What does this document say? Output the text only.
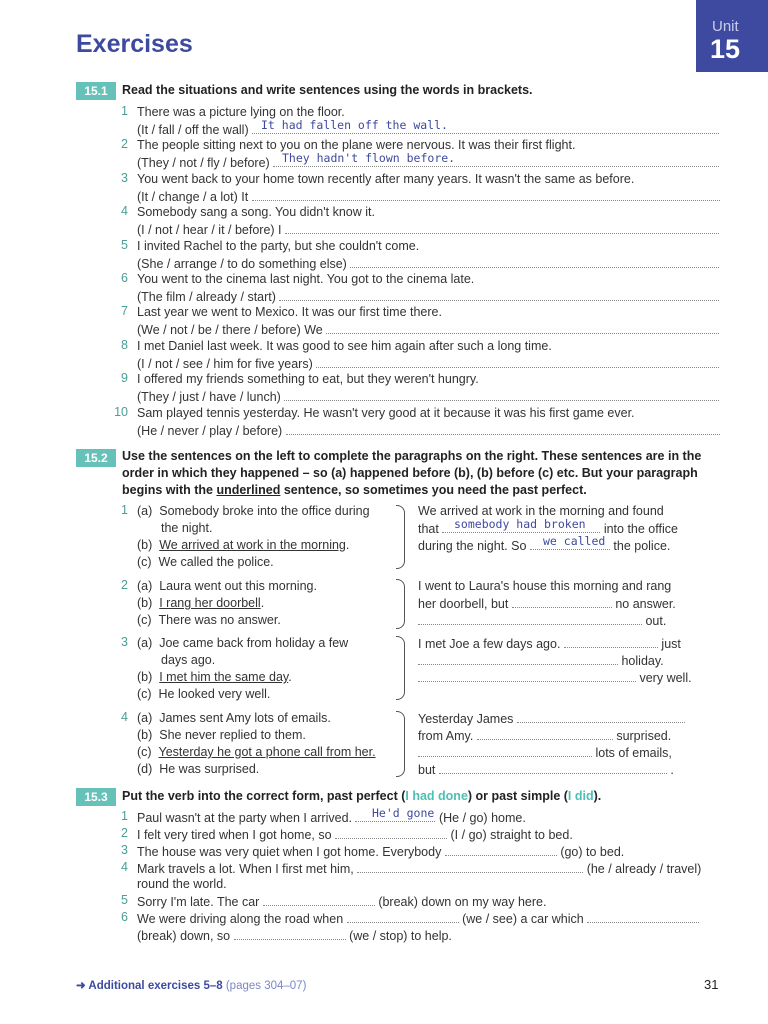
Exercises
Unit
15
15.1	Read the situations and write sentences using the words in brackets.
1 There was a picture lying on the floor.
(It / fall / off the wall)	It had fallen off the wall.
2 The people sitting next to you on the plane were nervous. It was their first flight.
(They / not / fly / before)	They hadn't flown before.
3 You went back to your home town recently after many years. It wasn't the same as before.
(It / change / a lot) It
4 Somebody sang a song. You didn't know it.
(I / not / hear / it / before) I
5 I invited Rachel to the party, but she couldn't come.
(She / arrange / to do something else)
6 You went to the cinema last night. You got to the cinema late.
(The film / already / start)
7 Last year we went to Mexico. It was our first time there.
(We / not / be / there / before) We
8 I met Daniel last week. It was good to see him again after such a long time.
(I / not / see / him for five years)
9 I offered my friends something to eat, but they weren't hungry.
(They / just / have / lunch)
10 Sam played tennis yesterday. He wasn't very good at it because it was his first game ever.
(He / never / play / before)
15.2	Use the sentences on the left to complete the paragraphs on the right. These sentences are in the
order in which they happened – so (a) happened before (b), (b) before (c) etc. But your paragraph
begins with the underlined sentence, so sometimes you need the past perfect.
1 (a) Somebody broke into the office during
the night.
(b) We arrived at work in the morning.
(c) We called the police.
We arrived at work in the morning and found
that	into the office
somebody had broken
during the night. So	the police.
we called
2 (a) Laura went out this morning.
(b) I rang her doorbell.
(c) There was no answer.
I went to Laura's house this morning and rang
her doorbell, but	no answer.
out.
3 (a) Joe came back from holiday a few
days ago.
(b) I met him the same day.
(c) He looked very well.
I met Joe a few days ago.	just
holiday.
very well.
4 (a) James sent Amy lots of emails.
(b) She never replied to them.
(c) Yesterday he got a phone call from her.
(d) He was surprised.
Yesterday James
from Amy.	surprised.
lots of emails,
but	.
15.3	Put the verb into the correct form, past perfect (I had done) or past simple (I did).
1 Paul wasn't at the party when I arrived.	(He / go) home.
He'd gone
2 I felt very tired when I got home, so	(I / go) straight to bed.
3 The house was very quiet when I got home. Everybody	(go) to bed.
4 Mark travels a lot. When I first met him,	(he / already / travel)
round the world.
5 Sorry I'm late. The car	(break) down on my way here.
6 We were driving along the road when	(we / see) a car which
(break) down, so	(we / stop) to help.
➜ Additional exercises 5–8 (pages 304–07)	31
